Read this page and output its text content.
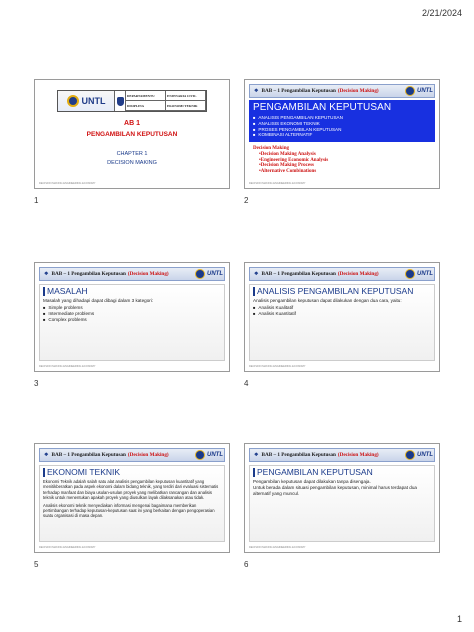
2/21/2024
UNTL
DEPARTAMENTU	ENJENARIA CIVIL
DISIPLINA	EKONOMI TEKNIK
AB 1
PENGAMBILAN KEPUTUSAN
CHAPTER 1
DECISION MAKING
DECISION MAKING ENGINEERING ECONOMY
1
❖ BAB – 1 Pengambilan Keputusan (Decision Making)	UNTL
PENGAMBILAN KEPUTUSAN
■ ANALISIS PENGAMBILAN KEPUTUSAN
■ ANALISIS EKONOMI TEKNIK
■ PROSES PENGAMBILAN KEPUTUSAN
■ KOMBINASI ALTERNATIF
Decision Making
•Decision Making Analysis
•Engineering Economic Analysis
•Decision Making Process
•Alternative Combinations
DECISION MAKING ENGINEERING ECONOMY
2
❖ BAB – 1 Pengambilan Keputusan (Decision Making)	UNTL
MASALAH
Masalah yang dihadapi dapat dibagi dalam 3 kategori:
■ Simple problems
■ Intermediate problems
■ Complex problems
DECISION MAKING ENGINEERING ECONOMY
3
❖ BAB – 1 Pengambilan Keputusan (Decision Making)	UNTL
ANALISIS PENGAMBILAN KEPUTUSAN
Analisis pengambilan keputusan dapat dilakukan dengan dua cara, yaitu:
■ Analisis Kualitatif
■ Analisis Kuantitatif
DECISION MAKING ENGINEERING ECONOMY
4
❖ BAB – 1 Pengambilan Keputusan (Decision Making)	UNTL
EKONOMI TEKNIK
Ekonomi Teknik adalah salah satu alat analisis pengambilan keputusan kuantitatif yang menitikberatkan pada aspek ekonomi dalam bidang teknik, yang terdiri dari evaluasi sistematis terhadap manfaat dan biaya usulan-usulan proyek yang melibatkan rancangan dan analisis teknik untuk menentukan apakah proyek yang diusulkan layak dilaksanakan atau tidak.
Analisis ekonomi teknik menyediakan informasi mengenai bagaimana memberikan pertimbangan terhadap keputusan-keputusan saat ini yang berkaitan dengan pengoperasian suatu organisasi di masa depan.
DECISION MAKING ENGINEERING ECONOMY
5
❖ BAB – 1 Pengambilan Keputusan (Decision Making)	UNTL
PENGAMBILAN KEPUTUSAN
Pengambilan keputusan dapat dilakukan tanpa disengaja.
Untuk berada dalam situasi pengambilan keputusan, minimal harus terdapat dua alternatif yang muncul.
DECISION MAKING ENGINEERING ECONOMY
6
1
